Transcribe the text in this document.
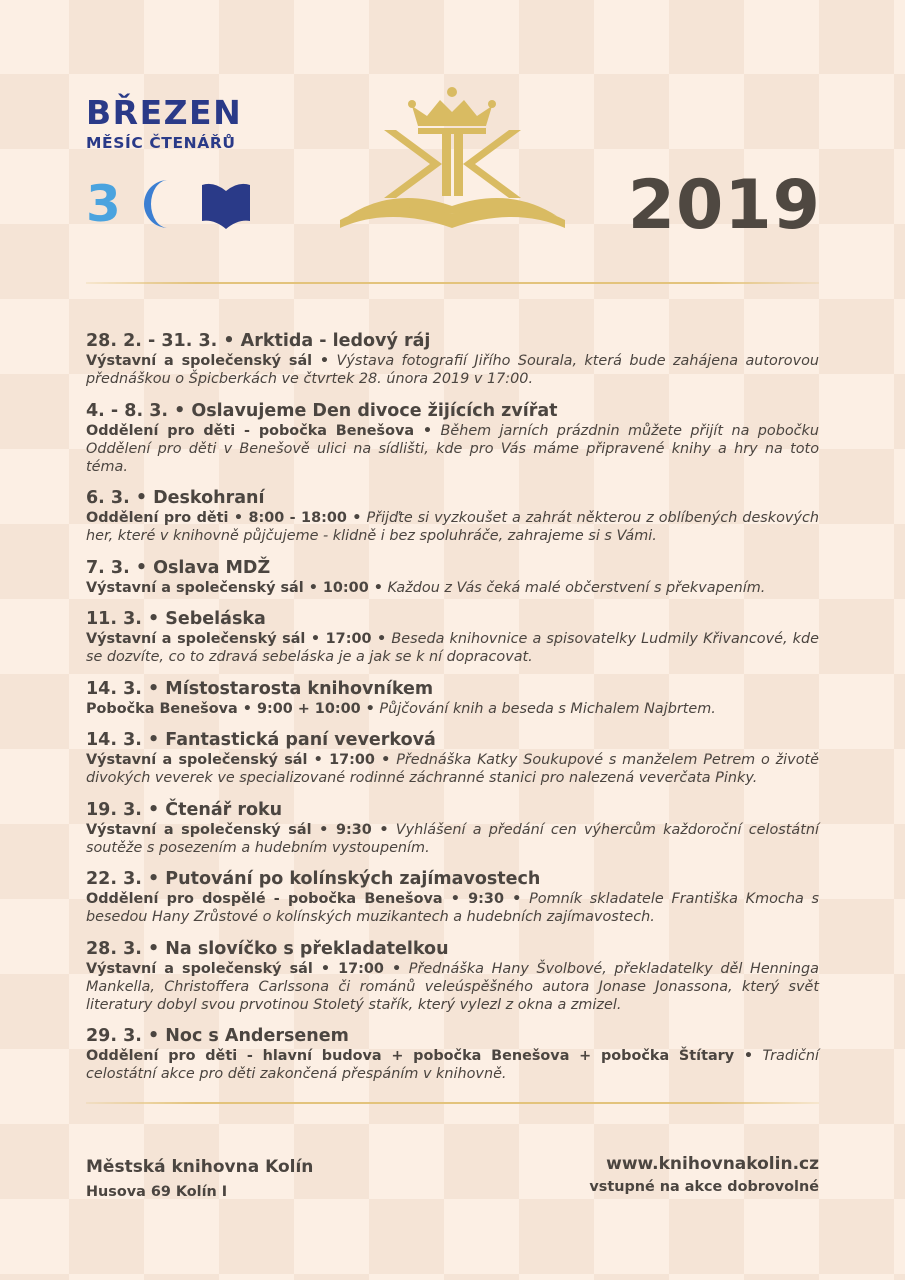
BŘEZEN
MĚSÍC ČTENÁŘŮ
3	2019
28. 2. - 31. 3. • Arktida - ledový ráj
Výstavní a společenský sál • Výstava fotografií Jiřího Sourala, která bude zahájena autorovou přednáškou o Špicberkách ve čtvrtek 28. února 2019 v 17:00.
4. - 8. 3. • Oslavujeme Den divoce žijících zvířat
Oddělení pro děti - pobočka Benešova • Během jarních prázdnin můžete přijít na pobočku Oddělení pro děti v Benešově ulici na sídlišti, kde pro Vás máme připravené knihy a hry na toto téma.
6. 3. • Deskohraní
Oddělení pro děti • 8:00 - 18:00 • Přijďte si vyzkoušet a zahrát některou z oblíbených deskových her, které v knihovně půjčujeme - klidně i bez spoluhráče, zahrajeme si s Vámi.
7. 3. • Oslava MDŽ
Výstavní a společenský sál • 10:00 • Každou z Vás čeká malé občerstvení s překvapením.
11. 3. • Sebeláska
Výstavní a společenský sál • 17:00 • Beseda knihovnice a spisovatelky Ludmily Křivancové, kde se dozvíte, co to zdravá sebeláska je a jak se k ní dopracovat.
14. 3. • Místostarosta knihovníkem
Pobočka Benešova • 9:00 + 10:00 • Půjčování knih a beseda s Michalem Najbrtem.
14. 3. • Fantastická paní veverková
Výstavní a společenský sál • 17:00 • Přednáška Katky Soukupové s manželem Petrem o životě divokých veverek ve specializované rodinné záchranné stanici pro nalezená veverčata Pinky.
19. 3. • Čtenář roku
Výstavní a společenský sál • 9:30 • Vyhlášení a předání cen výhercům každoroční celostátní soutěže s posezením a hudebním vystoupením.
22. 3. • Putování po kolínských zajímavostech
Oddělení pro dospělé - pobočka Benešova • 9:30 • Pomník skladatele Františka Kmocha s besedou Hany Zrůstové o kolínských muzikantech a hudebních zajímavostech.
28. 3. • Na slovíčko s překladatelkou
Výstavní a společenský sál • 17:00 • Přednáška Hany Švolbové, překladatelky děl Henninga Mankella, Christoffera Carlssona či románů veleúspěšného autora Jonase Jonassona, který svět literatury dobyl svou prvotinou Stoletý stařík, který vylezl z okna a zmizel.
29. 3. • Noc s Andersenem
Oddělení pro děti - hlavní budova + pobočka Benešova + pobočka Štítary • Tradiční celostátní akce pro děti zakončená přespáním v knihovně.
Městská knihovna Kolín
Husova 69 Kolín I
www.knihovnakolin.cz
vstupné na akce dobrovolné
